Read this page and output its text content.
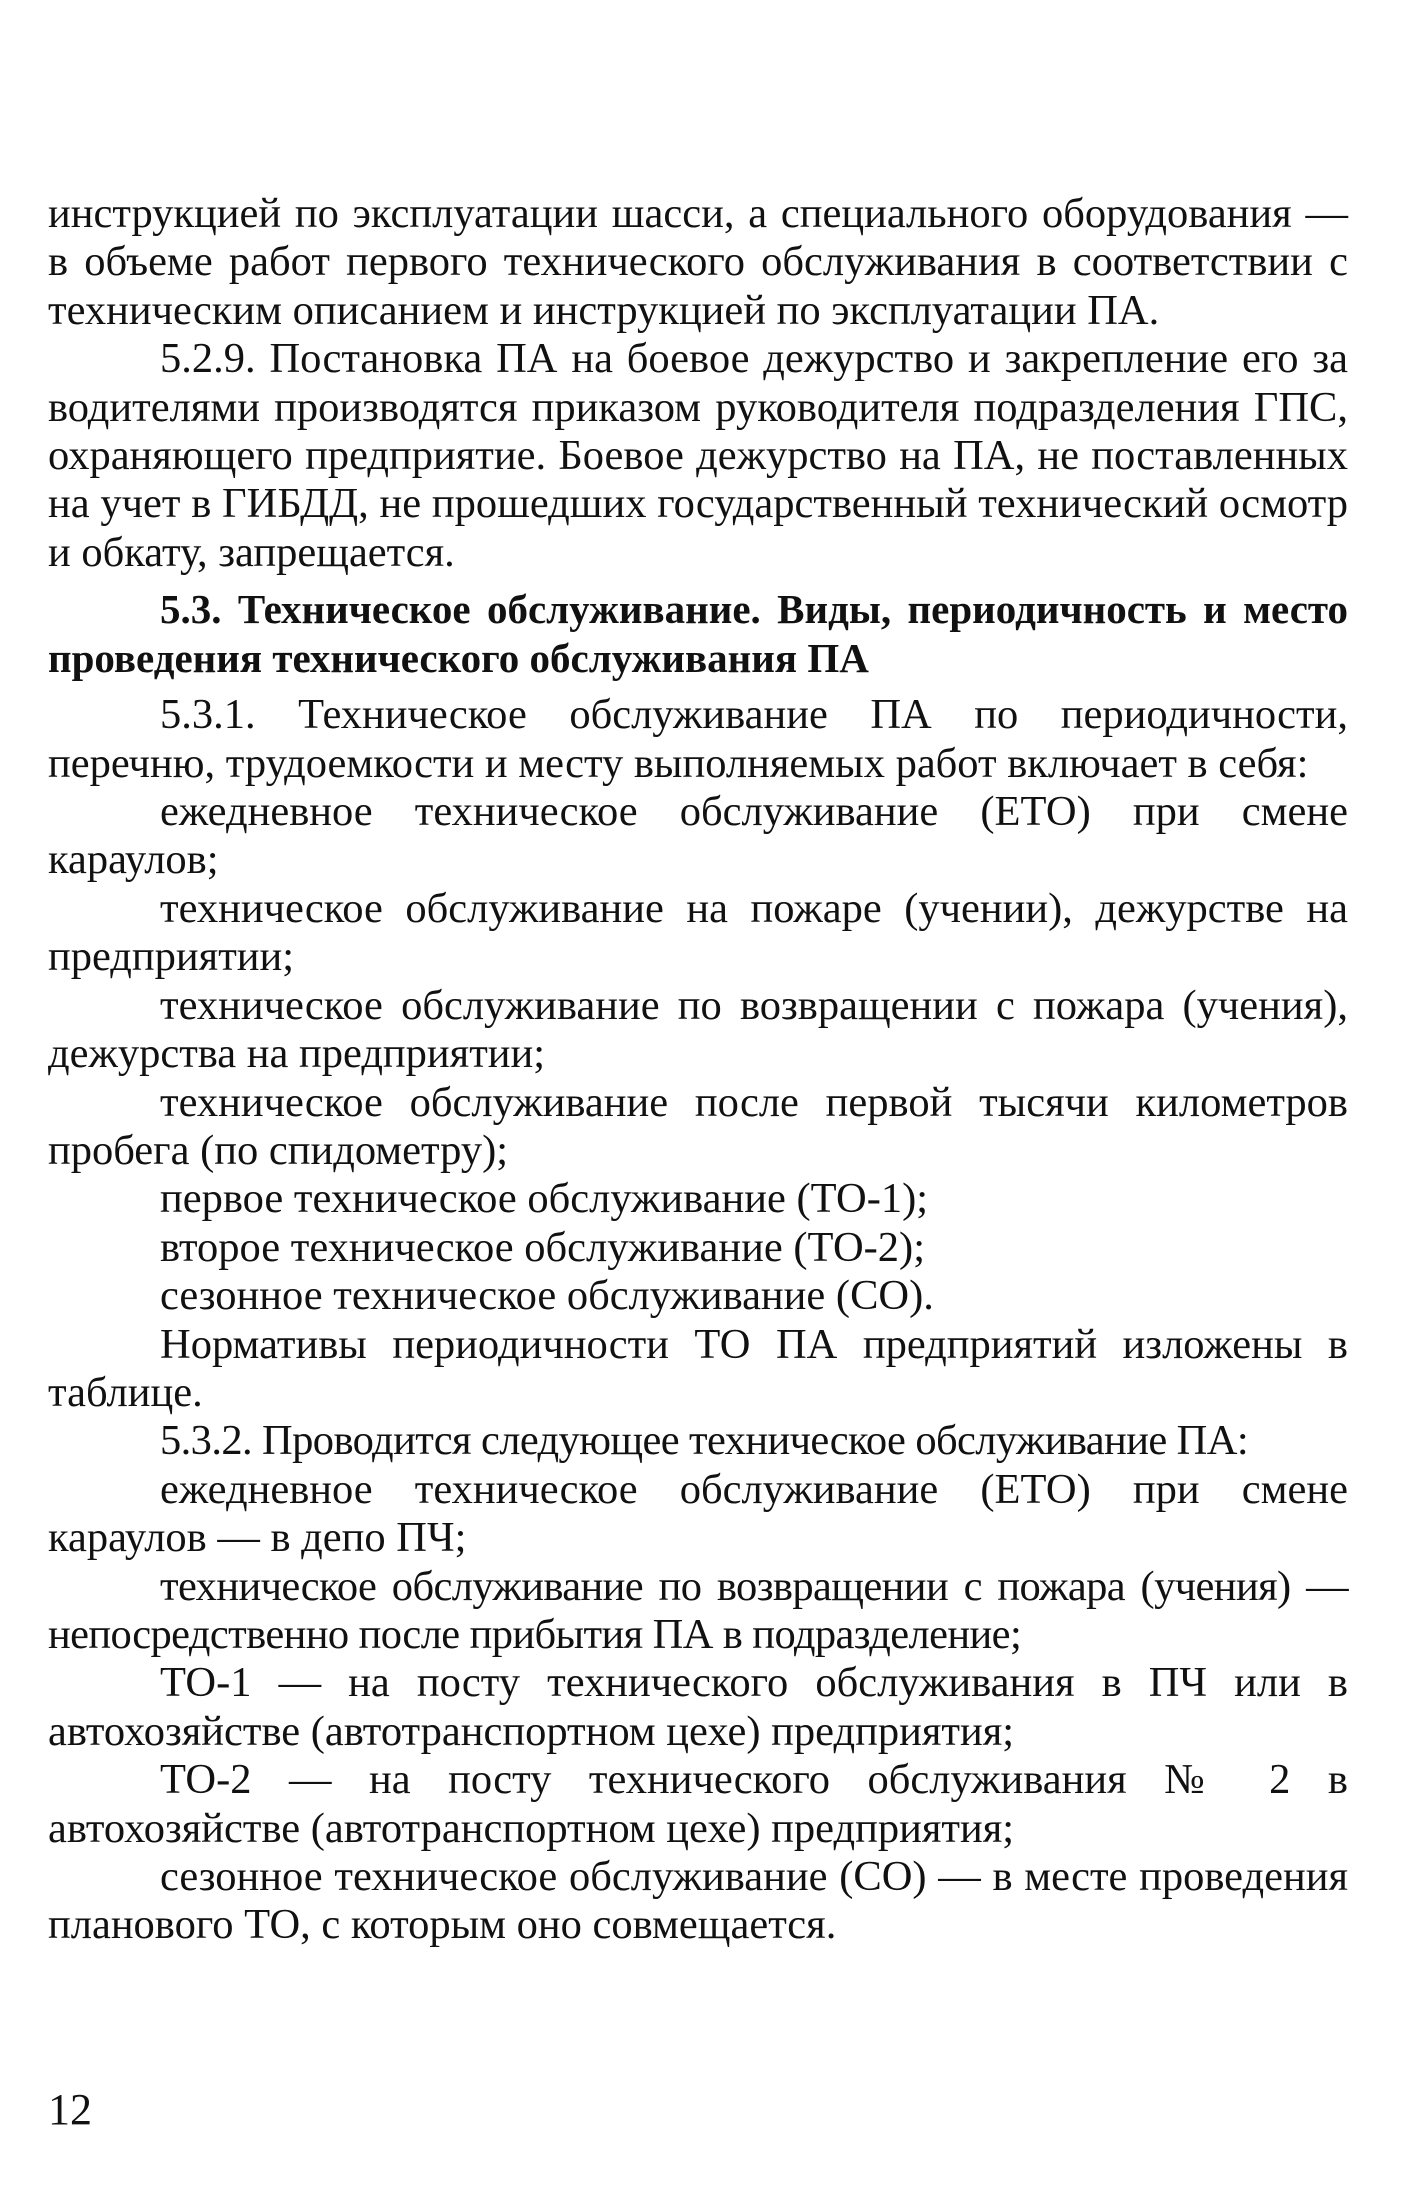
инструкцией по эксплуатации шасси, а специального оборудования — в объеме работ первого технического обслуживания в соответствии с техническим описанием и инструкцией по эксплуатации ПА.

5.2.9. Постановка ПА на боевое дежурство и закрепление его за водителями производятся приказом руководителя подразделения ГПС, охраняющего предприятие. Боевое дежурство на ПА, не поставленных на учет в ГИБДД, не прошедших государственный технический осмотр и обкату, запрещается.

5.3. Техническое обслуживание. Виды, периодичность и место проведения технического обслуживания ПА

5.3.1. Техническое обслуживание ПА по периодичности, перечню, трудоемкости и месту выполняемых работ включает в себя:

ежедневное техническое обслуживание (ЕТО) при смене караулов;

техническое обслуживание на пожаре (учении), дежурстве на предприятии;

техническое обслуживание по возвращении с пожара (учения), дежурства на предприятии;

техническое обслуживание после первой тысячи километров пробега (по спидометру);

первое техническое обслуживание (ТО-1);

второе техническое обслуживание (ТО-2);

сезонное техническое обслуживание (СО).

Нормативы периодичности ТО ПА предприятий изложены в таблице.

5.3.2. Проводится следующее техническое обслуживание ПА:

ежедневное техническое обслуживание (ЕТО) при смене караулов — в депо ПЧ;

техническое обслуживание по возвращении с пожара (учения) — непосредственно после прибытия ПА в подразделение;

ТО-1 — на посту технического обслуживания в ПЧ или в автохозяйстве (автотранспортном цехе) предприятия;

ТО-2 — на посту технического обслуживания № 2 в автохозяйстве (автотранспортном цехе) предприятия;

сезонное техническое обслуживание (СО) — в месте проведения планового ТО, с которым оно совмещается.

12
